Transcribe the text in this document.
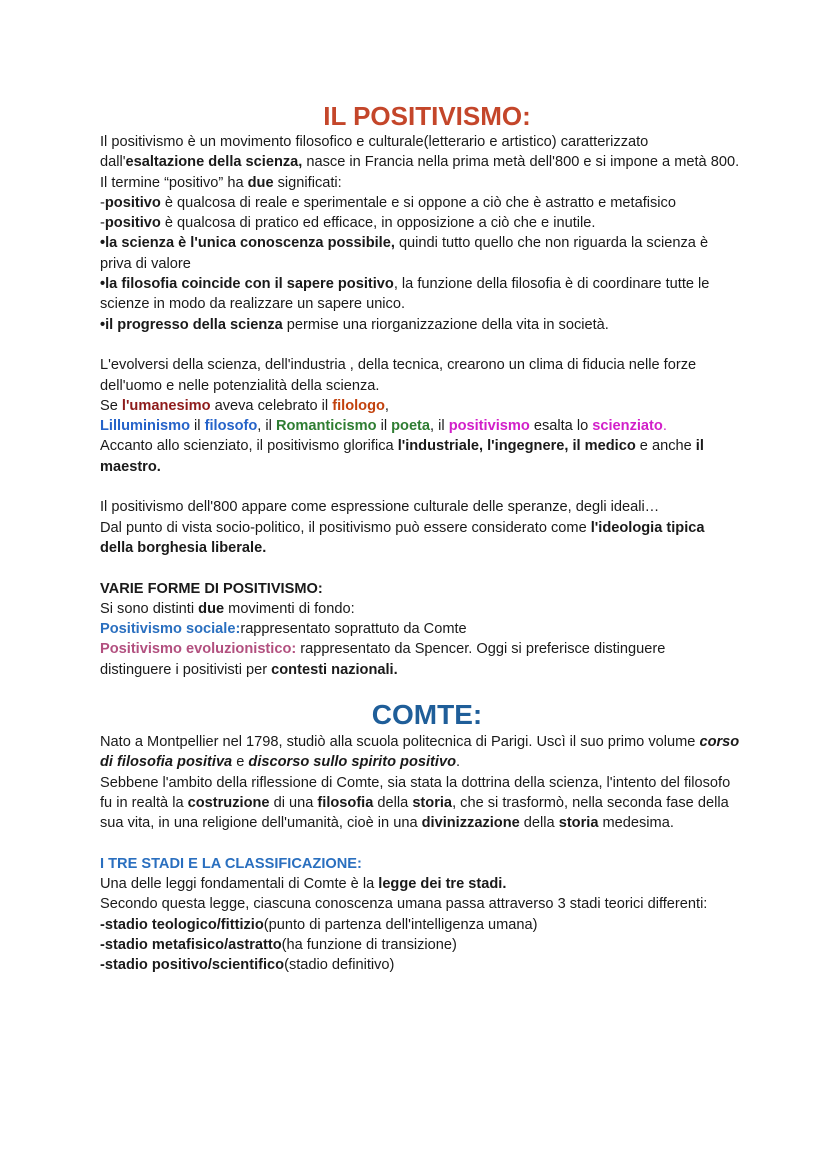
IL POSITIVISMO:

Il positivismo è un movimento filosofico e culturale(letterario e artistico) caratterizzato dall'esaltazione della scienza, nasce in Francia nella prima metà dell'800 e si impone a metà 800.

Il termine “positivo” ha due significati:

-positivo è qualcosa di reale e sperimentale e si oppone a ciò che è astratto e metafisico

-positivo è qualcosa di pratico ed efficace, in opposizione a ciò che e inutile.

•la scienza è l'unica conoscenza possibile, quindi tutto quello che non riguarda la scienza è priva di valore

•la filosofia coincide con il sapere positivo, la funzione della filosofia è di coordinare tutte le scienze in modo da realizzare un sapere unico.

•il progresso della scienza permise una riorganizzazione della vita in società.

L'evolversi della scienza, dell'industria , della tecnica, crearono un clima di fiducia nelle forze dell'uomo e nelle potenzialità della scienza.

Se l'umanesimo aveva celebrato il filologo,

Lilluminismo il filosofo, il Romanticismo il poeta, il positivismo esalta lo scienziato.

Accanto allo scienziato, il positivismo glorifica l'industriale, l'ingegnere, il medico e anche il maestro.

Il positivismo dell'800 appare come espressione culturale delle speranze, degli ideali…

Dal punto di vista socio-politico, il positivismo può essere considerato come l'ideologia tipica della borghesia liberale.

VARIE FORME DI POSITIVISMO:

Si sono distinti due movimenti di fondo:

Positivismo sociale:rappresentato soprattuto da Comte

Positivismo evoluzionistico: rappresentato da Spencer. Oggi si preferisce distinguere distinguere i positivisti per contesti nazionali.

COMTE:

Nato a Montpellier nel 1798, studiò alla scuola politecnica di Parigi. Uscì il suo primo volume corso di filosofia positiva e discorso sullo spirito positivo.

Sebbene l'ambito della riflessione di Comte, sia stata la dottrina della scienza, l'intento del filosofo fu in realtà la costruzione di una filosofia della storia, che si trasformò, nella seconda fase della sua vita, in una religione dell'umanità, cioè in una divinizzazione della storia medesima.

I TRE STADI E LA CLASSIFICAZIONE:

Una delle leggi fondamentali di Comte è la legge dei tre stadi.

Secondo questa legge, ciascuna conoscenza umana passa attraverso 3 stadi teorici differenti:

-stadio teologico/fittizio(punto di partenza dell'intelligenza umana)

-stadio metafisico/astratto(ha funzione di transizione)

-stadio positivo/scientifico(stadio definitivo)
